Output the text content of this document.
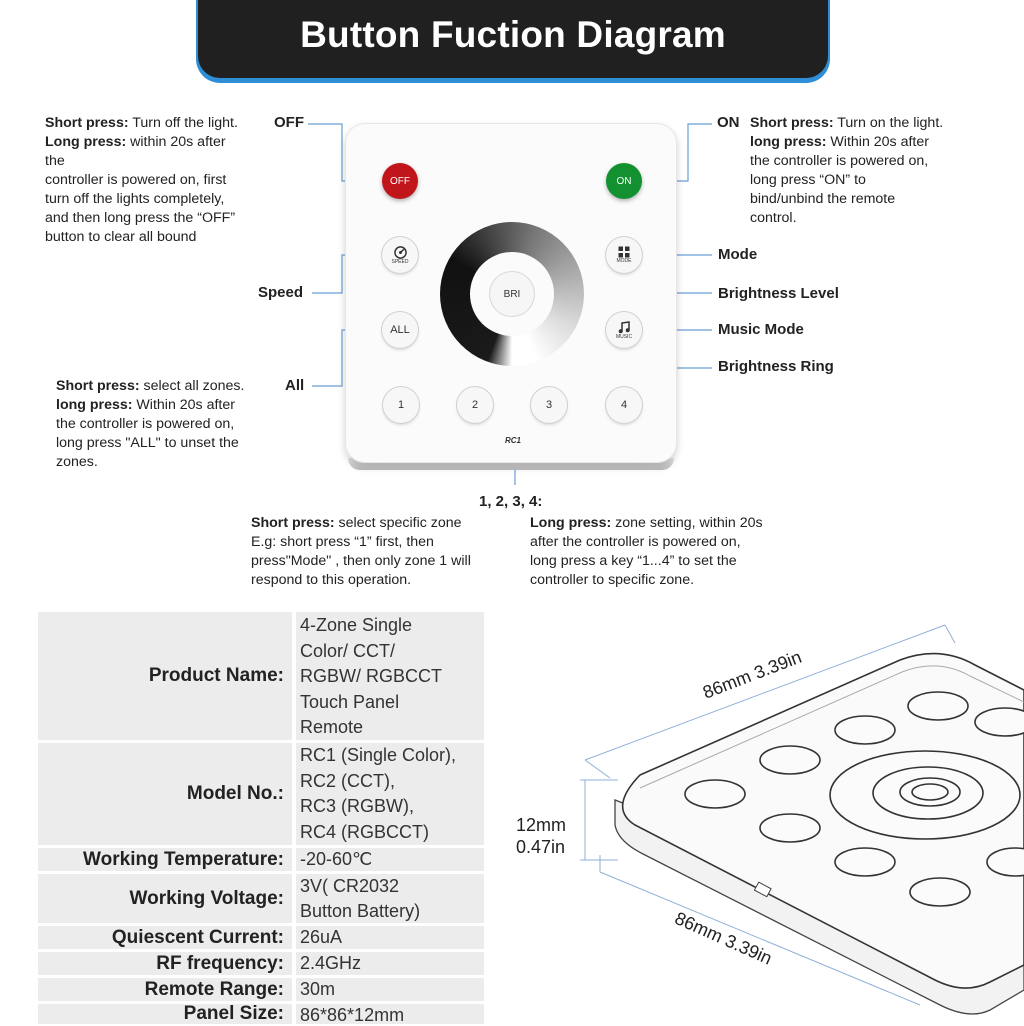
Button Fuction Diagram
Short press: Turn off the light.
Long press: within 20s after
the
controller is powered on, first
turn off the lights completely,
and then long press the “OFF”
button to clear all bound
OFF	ON Short press: Turn on the light.
long press: Within 20s after
the controller is powered on,
long press “ON” to
bind/unbind the remote
control.
Speed
Mode
Brightness Level
Music Mode
Brightness Ring
All
Short press: select all zones.
long press: Within 20s after
the controller is powered on,
long press "ALL" to unset the
zones.
OFF	ON
SPEED	MODE
BRI
ALL
MUSIC
1	2	3	4
RC1
1, 2, 3, 4:
Short press: select specific zone
E.g: short press “1” first, then
press"Mode" , then only zone 1 will
respond to this operation.
Long press: zone setting, within 20s
after the controller is powered on,
long press a key “1...4” to set the
controller to specific zone.
Product Name:
4-Zone Single
Color/ CCT/
RGBW/ RGBCCT
Touch Panel
Remote
Model No.:
RC1 (Single Color),
RC2 (CCT),
RC3 (RGBW),
RC4 (RGBCCT)
Working Temperature: -20-60℃
Working Voltage:
3V( CR2032
Button Battery)
Quiescent Current: 26uA
RF frequency: 2.4GHz
Remote Range: 30m
Panel Size: 86*86*12mm
86mm 3.39in
86mm 3.39in
12mm
0.47in
